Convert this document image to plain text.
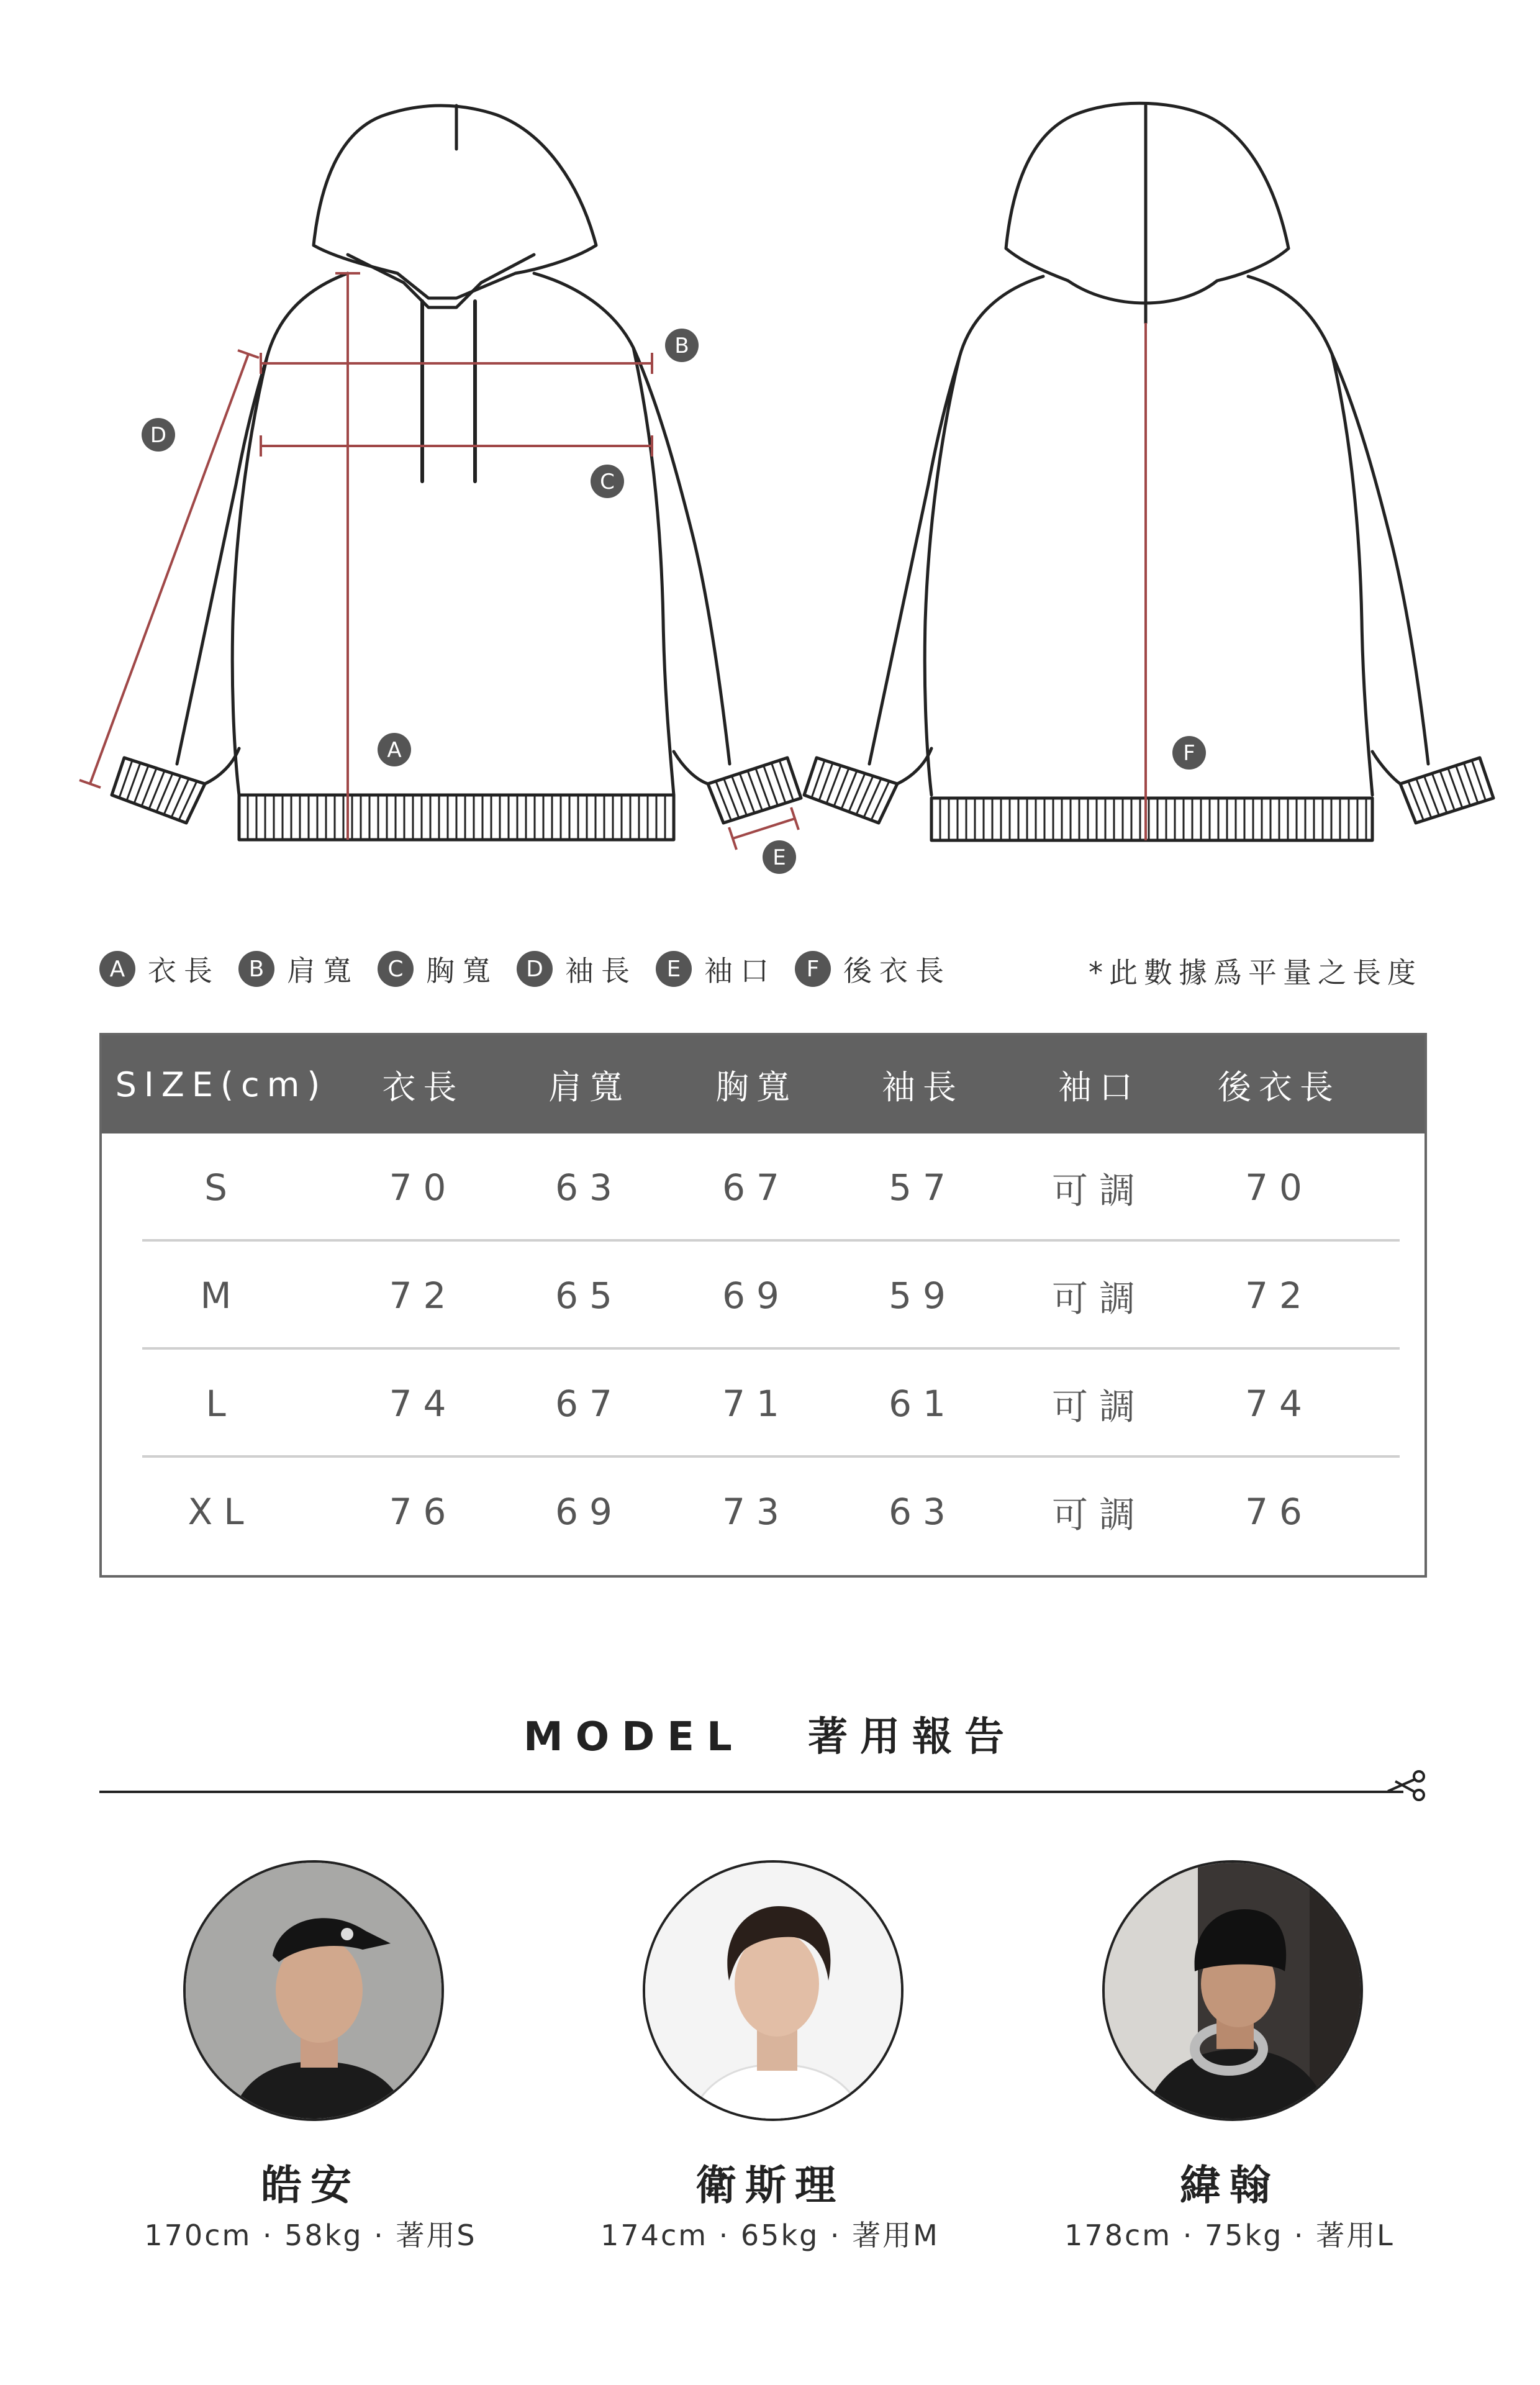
A
B
C
D
E
F
A 衣長	B 肩寬	C 胸寬	D 袖長	E 袖口	F 後衣長	*此數據爲平量之長度
SIZE(cm)	衣長	肩寬	胸寬	袖長	袖口	後衣長
S	70	63	67	57	可調	70
M	72	65	69	59	可調	72
L	74	67	71	61	可調	74
XL	76	69	73	63	可調	76
MODEL 著用報告
皓安
170cm · 58kg · 著用S
衛斯理
174cm · 65kg · 著用M
緯翰
178cm · 75kg · 著用L
